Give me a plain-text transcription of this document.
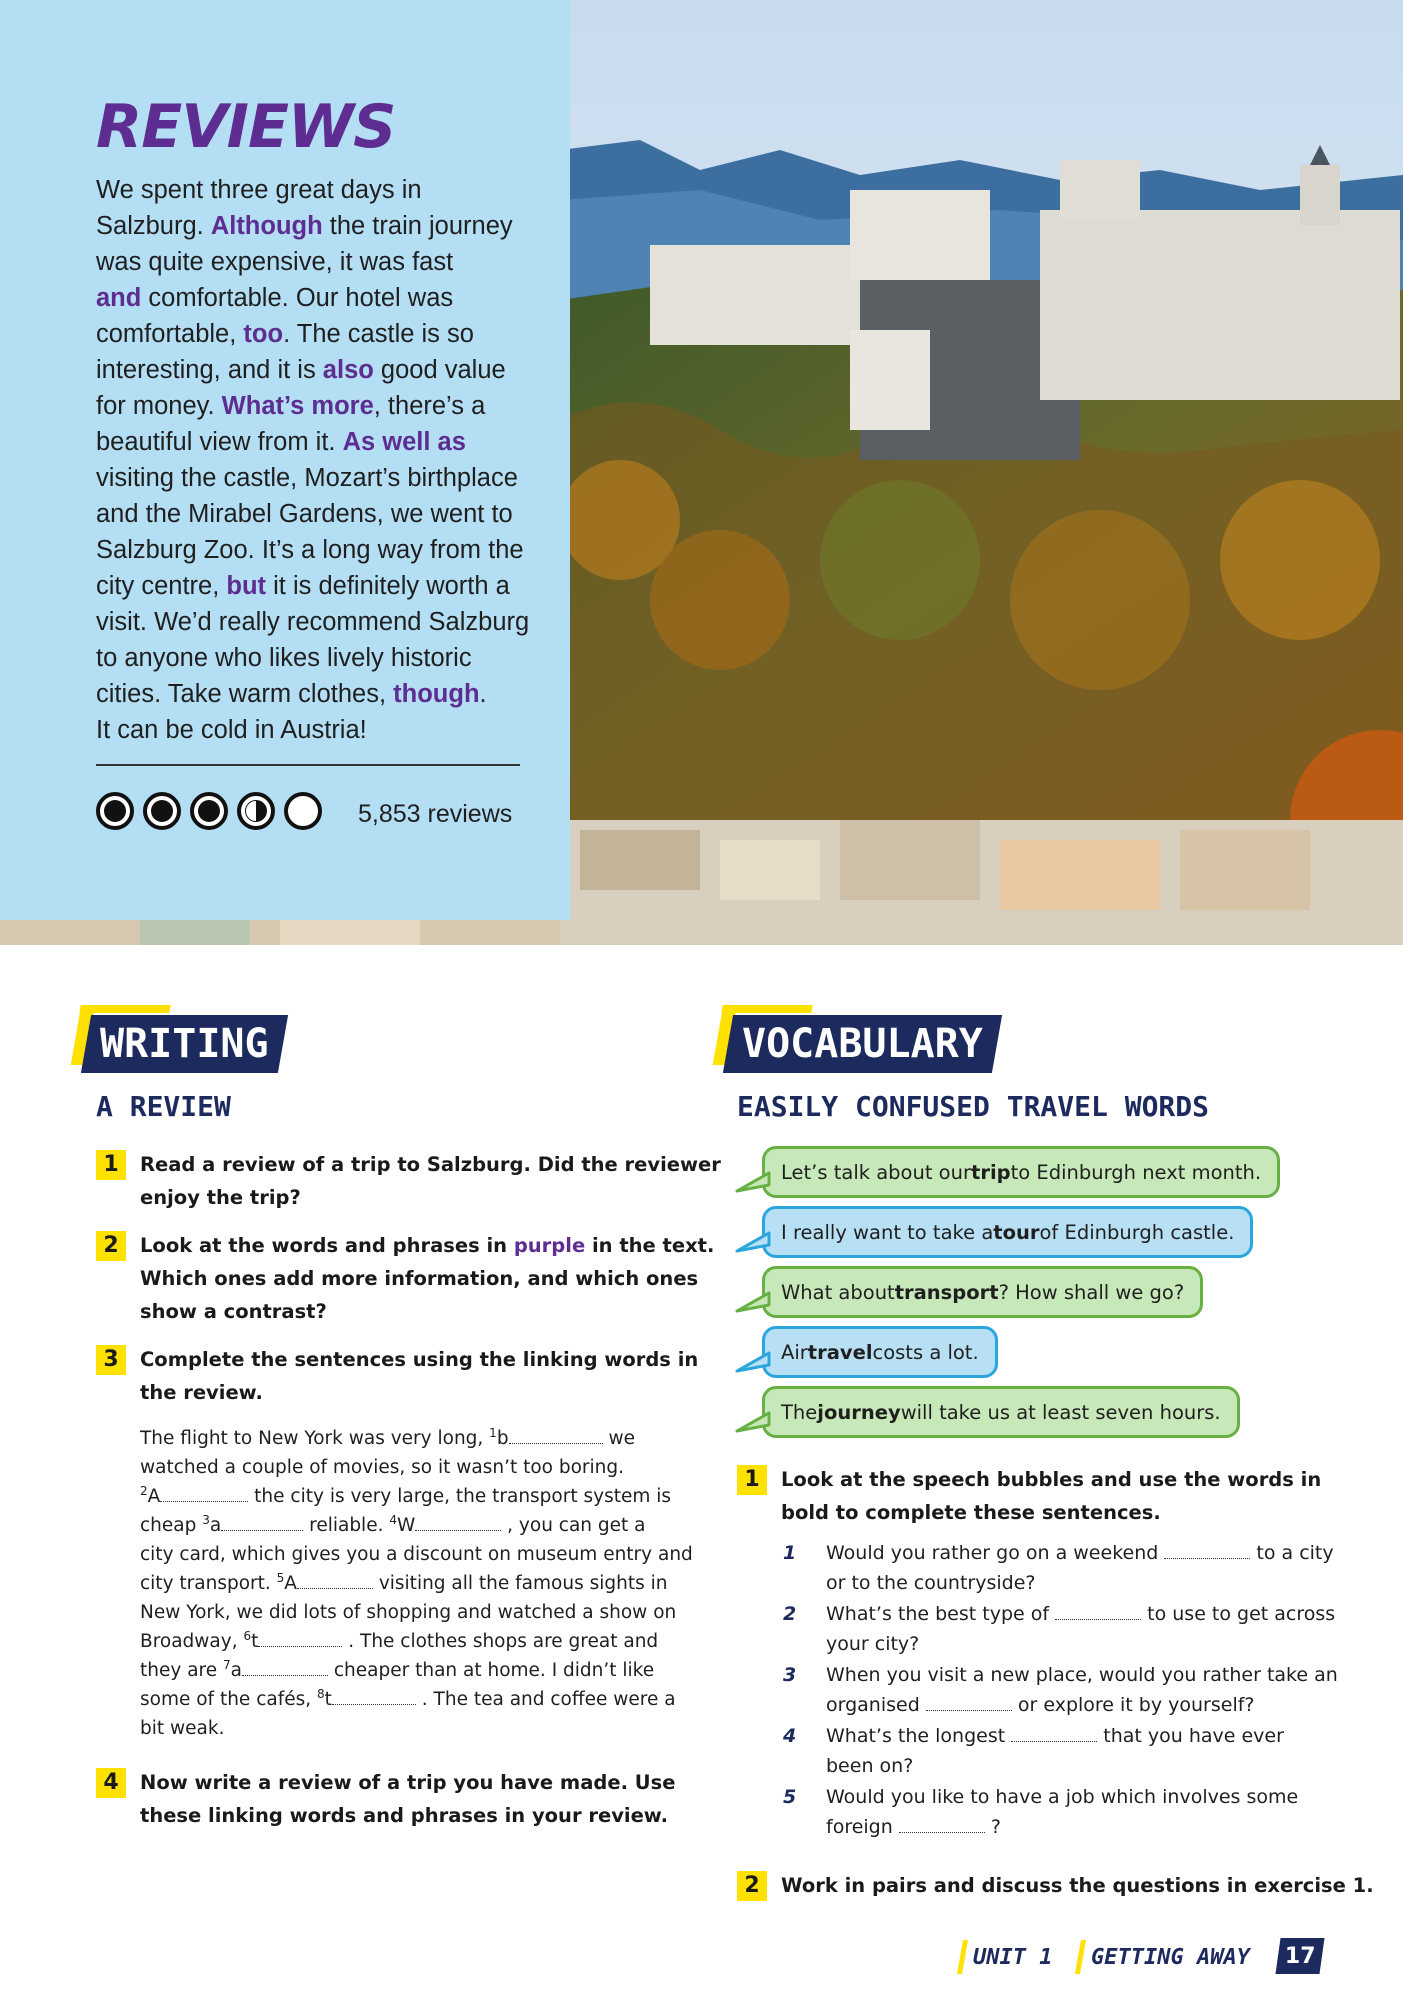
REVIEWS
We spent three great days in
Salzburg. Although the train journey
was quite expensive, it was fast
and comfortable. Our hotel was
comfortable, too. The castle is so
interesting, and it is also good value
for money. What’s more, there’s a
beautiful view from it. As well as
visiting the castle, Mozart’s birthplace
and the Mirabel Gardens, we went to
Salzburg Zoo. It’s a long way from the
city centre, but it is definitely worth a
visit. We’d really recommend Salzburg
to anyone who likes lively historic
cities. Take warm clothes, though.
It can be cold in Austria!
5,853 reviews
WRITING
A REVIEW
1	Read a review of a trip to Salzburg. Did the reviewer
enjoy the trip?
2	Look at the words and phrases in purple in the text.
Which ones add more information, and which ones
show a contrast?
3	Complete the sentences using the linking words in
the review.
The flight to New York was very long, $^1$b	we
watched a couple of movies, so it wasn’t too boring.
$^2$A	the city is very large, the transport system is
cheap $^3$a	reliable. $^4$W	, you can get a
city card, which gives you a discount on museum entry and
city transport. $^5$A	visiting all the famous sights in
New York, we did lots of shopping and watched a show on
Broadway, $^6$t	. The clothes shops are great and
they are $^7$a	cheaper than at home. I didn’t like
some of the cafés, $^8$t	. The tea and coffee were a
bit weak.
4	Now write a review of a trip you have made. Use
these linking words and phrases in your review.
VOCABULARY
EASILY CONFUSED TRAVEL WORDS
Let’s talk about our trip to Edinburgh next month.
I really want to take a tour of Edinburgh castle.
What about transport ? How shall we go?
Air travel costs a lot.
The journey will take us at least seven hours.
1	Look at the speech bubbles and use the words in
bold to complete these sentences.
1 Would you rather go on a weekend	to a city
or to the countryside?
2 What’s the best type of	to use to get across
your city?
3 When you visit a new place, would you rather take an
organised	or explore it by yourself?
4 What’s the longest	that you have ever
been on?
5 Would you like to have a job which involves some
foreign	?
2	Work in pairs and discuss the questions in exercise 1.
UNIT 1 GETTING AWAY 17
